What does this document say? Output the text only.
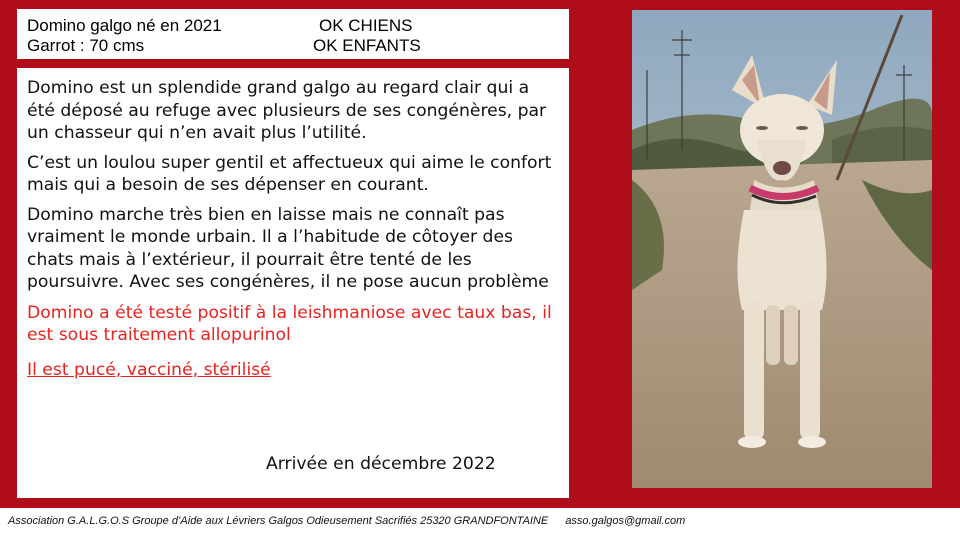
Domino galgo né en 2021
Garrot : 70 cms
OK CHIENS
OK ENFANTS

Domino est un splendide grand galgo au regard clair qui a été déposé au refuge avec plusieurs de ses congénères, par un chasseur qui n’en avait plus l’utilité.

C’est un loulou super gentil et affectueux qui aime le confort mais qui a besoin de ses dépenser en courant.

Domino marche très bien en laisse mais ne connaît pas vraiment le monde urbain. Il a l’habitude de côtoyer des chats mais à l’extérieur, il pourrait être tenté de les poursuivre. Avec ses congénères, il ne pose aucun problème

Domino a été testé positif à la leishmaniose avec taux bas, il est sous traitement allopurinol

Il est pucé, vacciné, stérilisé

Arrivée en décembre 2022
Association G.A.L.G.O.S Groupe d’Aide aux Lévriers Galgos Odieusement Sacrifiés 25320 GRANDFONTAINE asso.galgos@gmail.com
